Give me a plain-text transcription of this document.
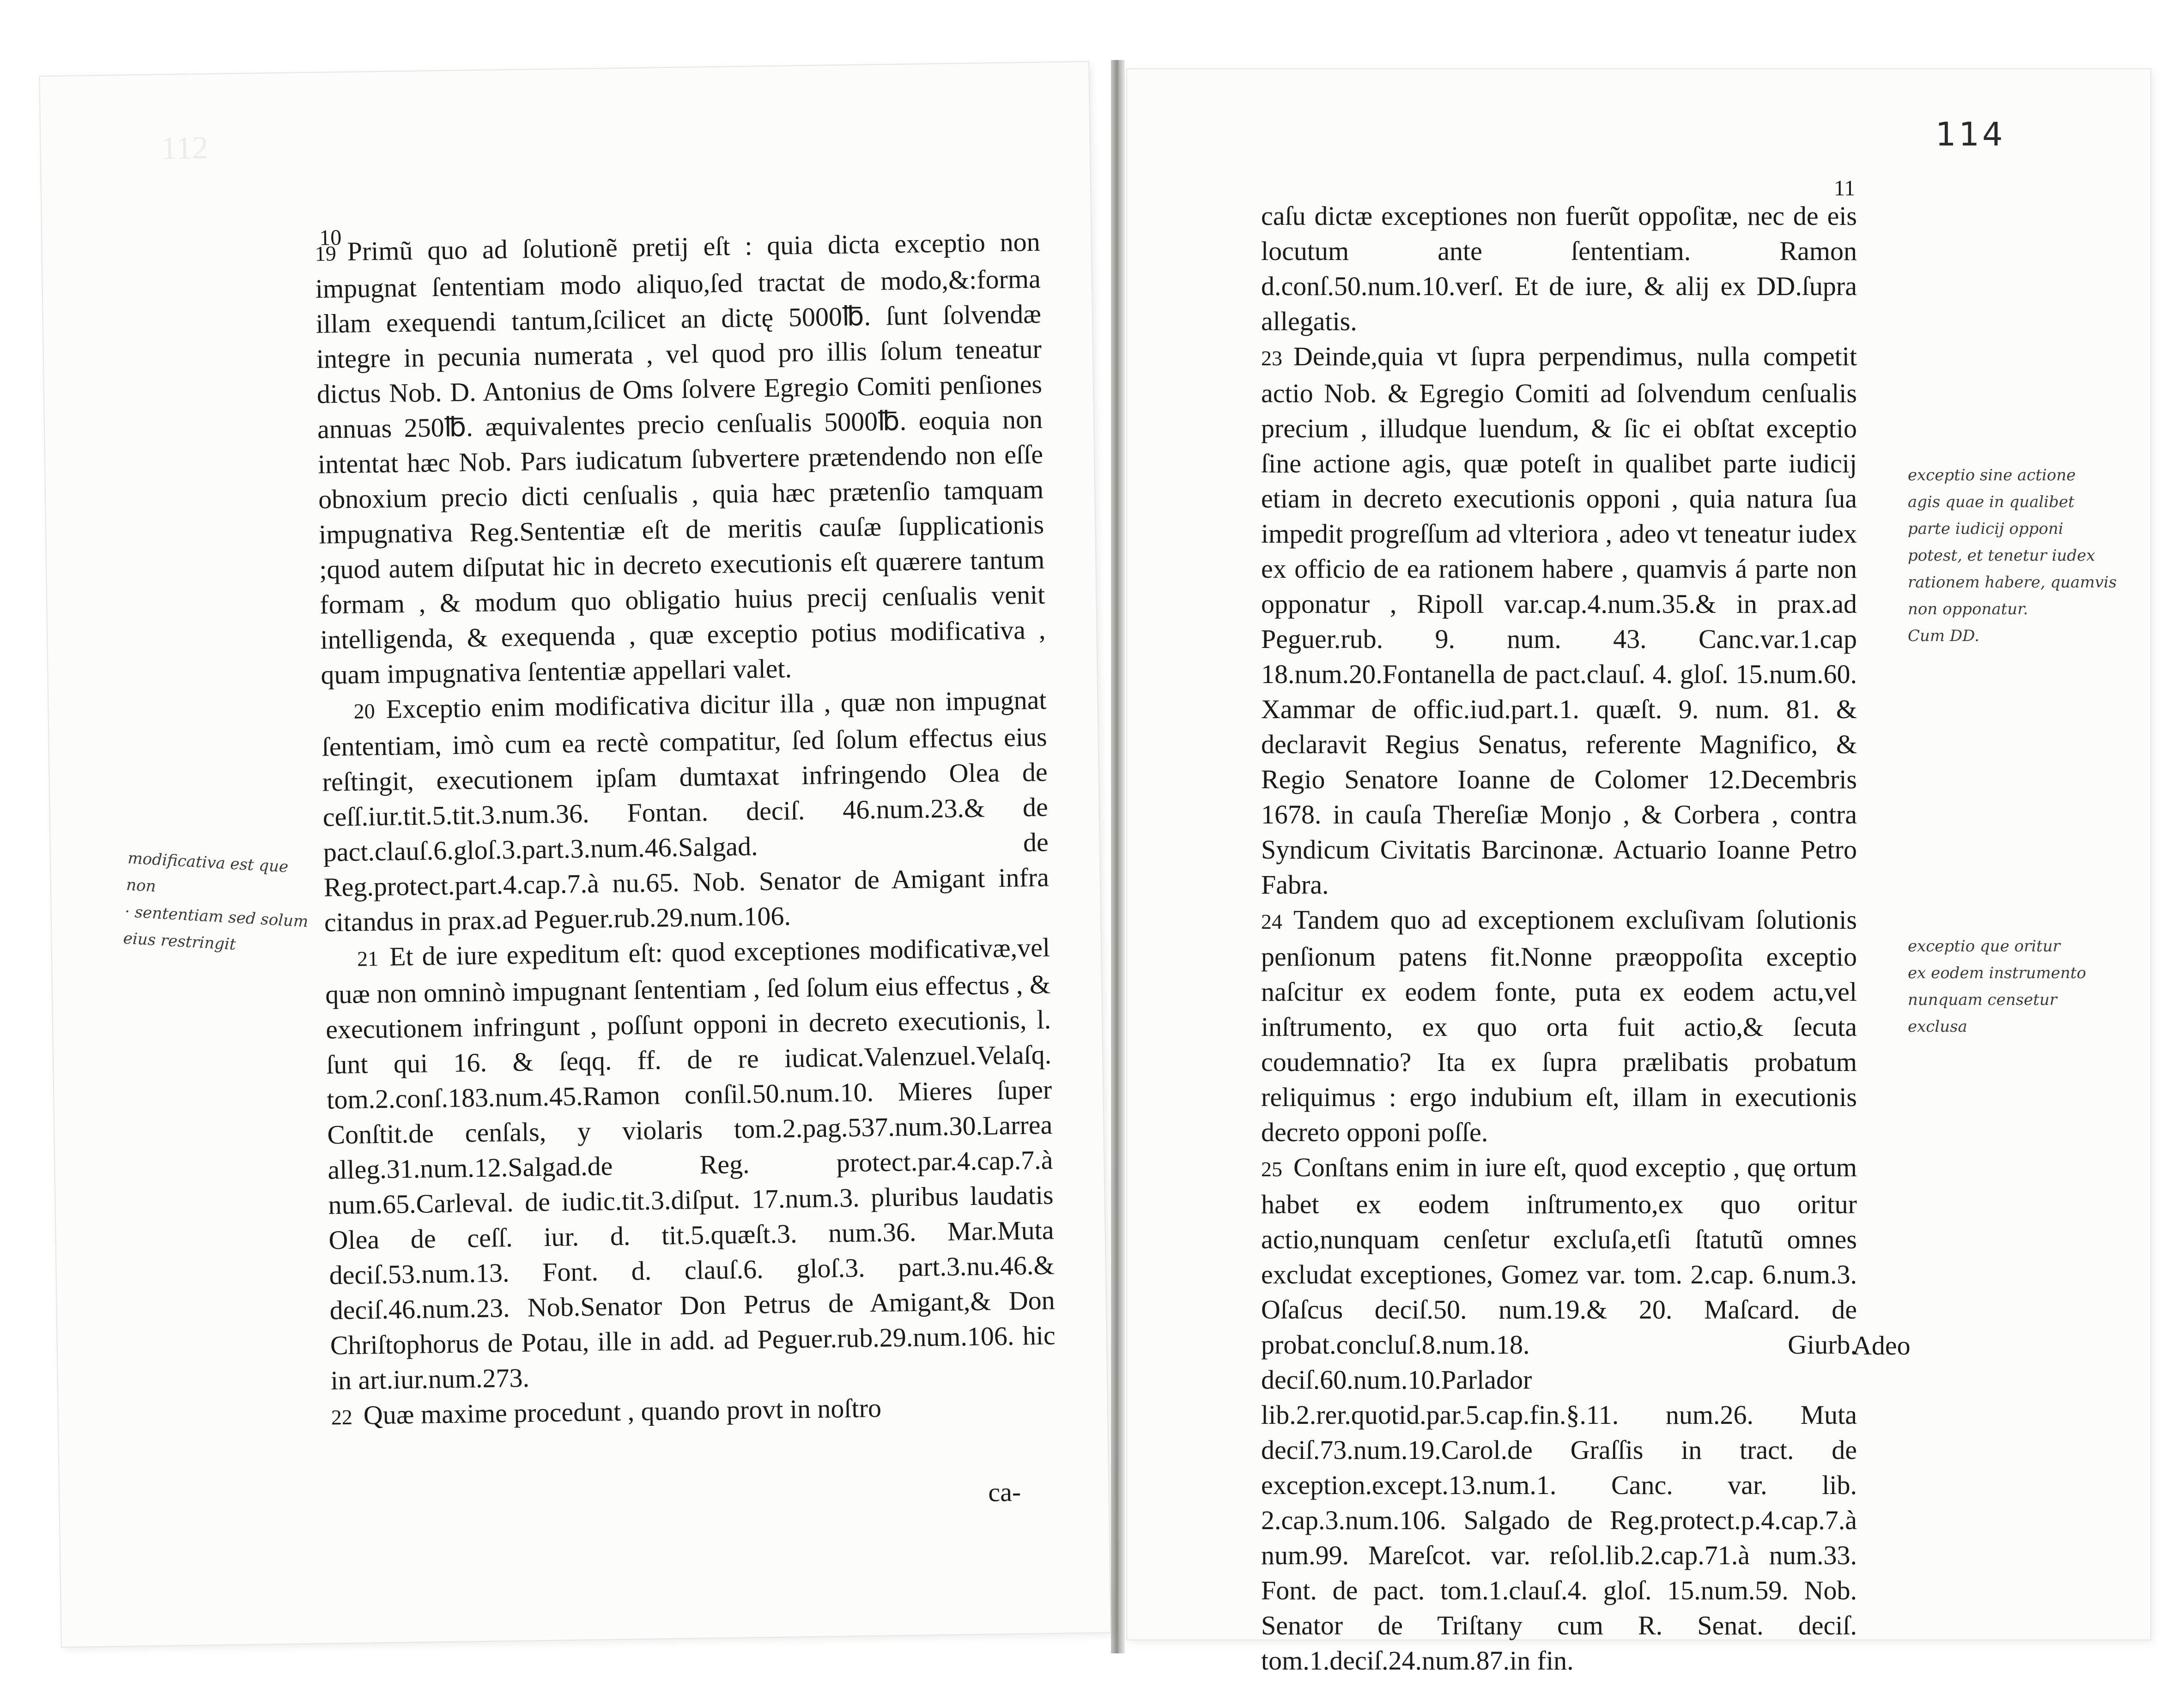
112
10

19 Primũ quo ad ſolutionẽ pretij eſt : quia dicta exceptio non impugnat ſententiam modo aliquo,ſed tractat de modo,&:forma illam exequendi tantum,ſcilicet an dictę 5000℔. ſunt ſolvendæ integre in pecunia numerata , vel quod pro illis ſolum teneatur dictus Nob. D. Antonius de Oms ſolvere Egregio Comiti penſiones annuas 250℔. æquivalentes precio cenſualis 5000℔. eoquia non intentat hæc Nob. Pars iudicatum ſubvertere prætendendo non eſſe obnoxium precio dicti cenſualis , quia hæc prætenſio tamquam impugnativa Reg.Sententiæ eſt de meritis cauſæ ſupplicationis ;quod autem diſputat hic in decreto executionis eſt quærere tantum formam , & modum quo obligatio huius precij cenſualis venit intelligenda, & exequenda , quæ exceptio potius modificativa , quam impugnativa ſententiæ appellari valet.

20 Exceptio enim modificativa dicitur illa , quæ non impugnat ſententiam, imò cum ea rectè compatitur, ſed ſolum effectus eius reſtingit, executionem ipſam dumtaxat infringendo Olea de ceſſ.iur.tit.5.tit.3.num.36. Fontan. deciſ. 46.num.23.& de pact.clauſ.6.gloſ.3.part.3.num.46.Salgad. de Reg.protect.part.4.cap.7.à nu.65. Nob. Senator de Amigant infra citandus in prax.ad Peguer.rub.29.num.106.

21 Et de iure expeditum eſt: quod exceptiones modificativæ,vel quæ non omninò impugnant ſententiam , ſed ſolum eius effectus , & executionem infringunt , poſſunt opponi in decreto executionis, l. ſunt qui 16. & ſeqq. ff. de re iudicat.Valenzuel.Velaſq. tom.2.conſ.183.num.45.Ramon conſil.50.num.10. Mieres ſuper Conſtit.de cenſals, y violaris tom.2.pag.537.num.30.Larrea alleg.31.num.12.Salgad.de Reg. protect.par.4.cap.7.à num.65.Carleval. de iudic.tit.3.diſput. 17.num.3. pluribus laudatis Olea de ceſſ. iur. d. tit.5.quæſt.3. num.36. Mar.Muta deciſ.53.num.13. Font. d. clauſ.6. gloſ.3. part.3.nu.46.& deciſ.46.num.23. Nob.Senator Don Petrus de Amigant,& Don Chriſtophorus de Potau, ille in add. ad Peguer.rub.29.num.106. hic in art.iur.num.273.

22 Quæ maxime procedunt , quando provt in noſtro

ca-
modificativa est que non
· sententiam sed solum
eius restringit
114
11

caſu dictæ exceptiones non fuerũt oppoſitæ, nec de eis locutum ante ſententiam. Ramon d.conſ.50.num.10.verſ. Et de iure, & alij ex DD.ſupra allegatis.

23 Deinde,quia vt ſupra perpendimus, nulla competit actio Nob. & Egregio Comiti ad ſolvendum cenſualis precium , illudque luendum, & ſic ei obſtat exceptio ſine actione agis, quæ poteſt in qualibet parte iudicij etiam in decreto executionis opponi , quia natura ſua impedit progreſſum ad vlteriora , adeo vt teneatur iudex ex officio de ea rationem habere , quamvis á parte non opponatur , Ripoll var.cap.4.num.35.& in prax.ad Peguer.rub. 9. num. 43. Canc.var.1.cap 18.num.20.Fontanella de pact.clauſ. 4. gloſ. 15.num.60. Xammar de offic.iud.part.1. quæſt. 9. num. 81. & declaravit Regius Senatus, referente Magnifico, & Regio Senatore Ioanne de Colomer 12.Decembris 1678. in cauſa Thereſiæ Monjo , & Corbera , contra Syndicum Civitatis Barcinonæ. Actuario Ioanne Petro Fabra.

24 Tandem quo ad exceptionem excluſivam ſolutionis penſionum patens fit.Nonne præoppoſita exceptio naſcitur ex eodem fonte, puta ex eodem actu,vel inſtrumento, ex quo orta fuit actio,& ſecuta coudemnatio? Ita ex ſupra prælibatis probatum reliquimus : ergo indubium eſt, illam in executionis decreto opponi poſſe.

25 Conſtans enim in iure eſt, quod exceptio , quę ortum habet ex eodem inſtrumento,ex quo oritur actio,nunquam cenſetur excluſa,etſi ſtatutũ omnes excludat exceptiones, Gomez var. tom. 2.cap. 6.num.3. Oſaſcus deciſ.50. num.19.& 20. Maſcard. de probat.concluſ.8.num.18. Giurb. deciſ.60.num.10.Parlador lib.2.rer.quotid.par.5.cap.fin.§.11. num.26. Muta deciſ.73.num.19.Carol.de Graſſis in tract. de exception.except.13.num.1. Canc. var. lib. 2.cap.3.num.106. Salgado de Reg.protect.p.4.cap.7.à num.99. Mareſcot. var. reſol.lib.2.cap.71.à num.33. Font. de pact. tom.1.clauſ.4. gloſ. 15.num.59. Nob. Senator de Triſtany cum R. Senat. deciſ. tom.1.deciſ.24.num.87.in fin.

Adeo
exceptio sine actione
agis quae in qualibet
parte iudicij opponi
potest, et tenetur iudex
rationem habere, quamvis
non opponatur.
Cum DD.
exceptio que oritur
ex eodem instrumento
nunquam censetur
exclusa
